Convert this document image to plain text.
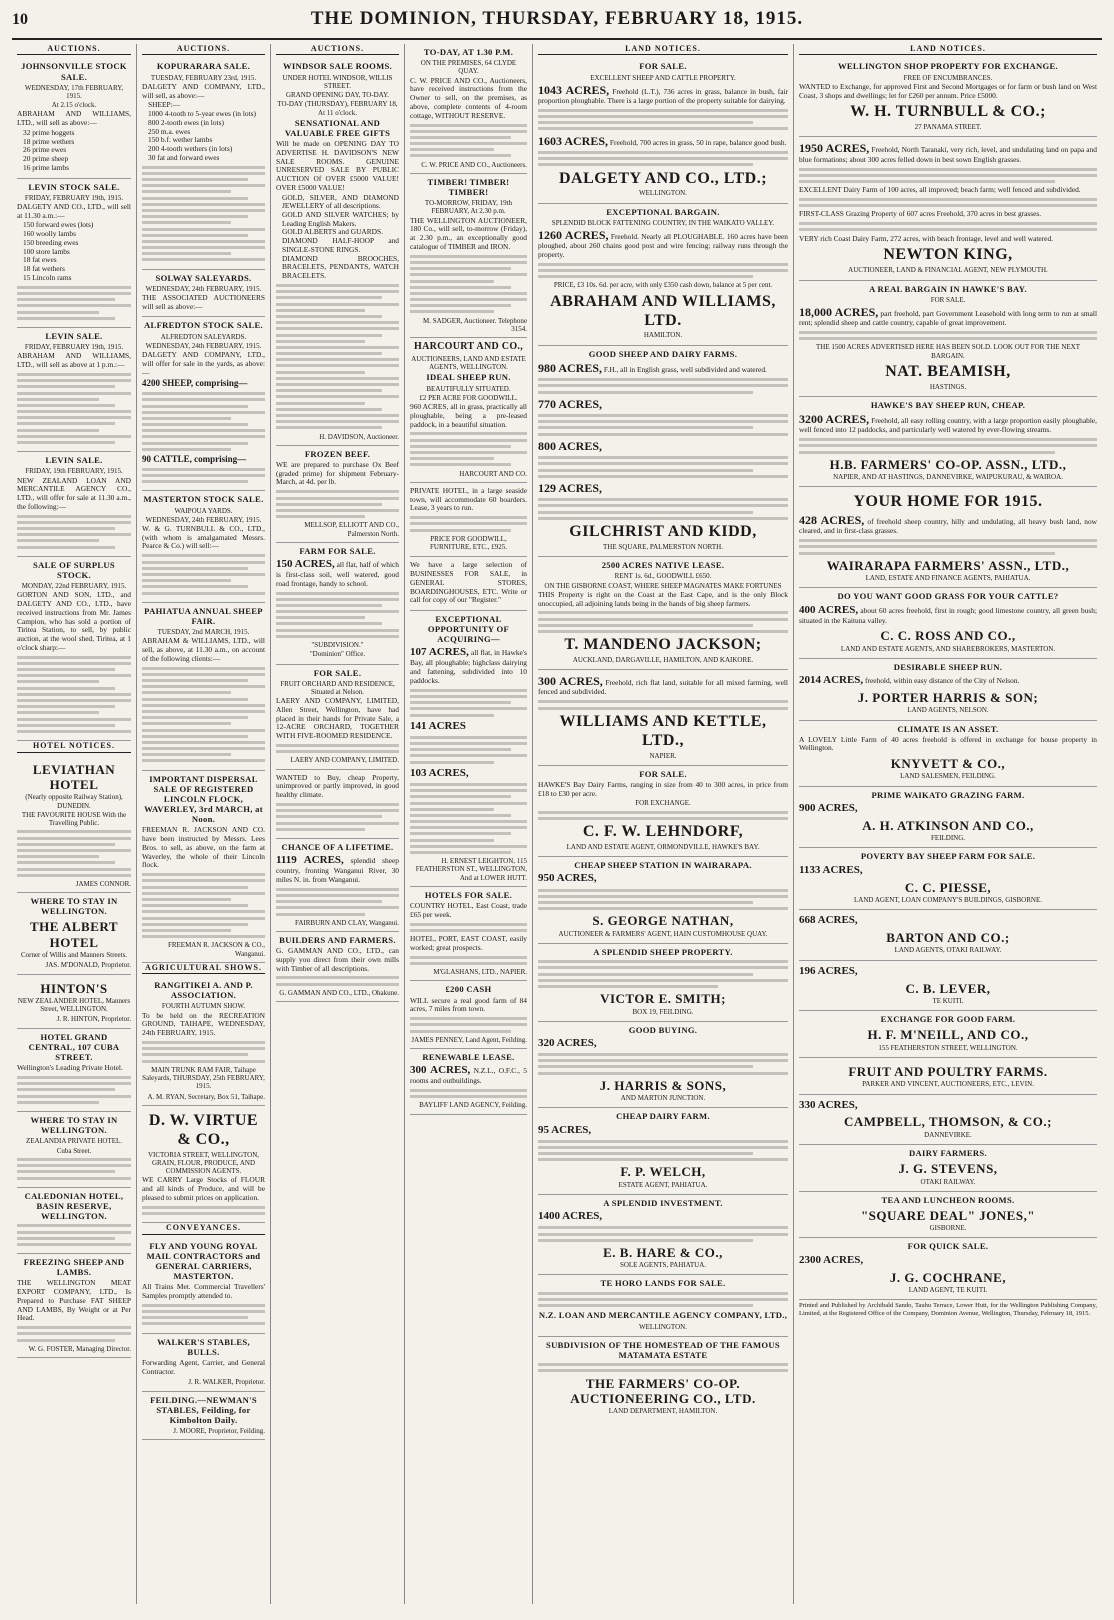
10	THE DOMINION, THURSDAY, FEBRUARY 18, 1915.
AUCTIONS.
JOHNSONVILLE STOCK SALE.
WEDNESDAY, 17th FEBRUARY, 1915.
At 2.15 o'clock.

ABRAHAM AND WILLIAMS, LTD., will sell as above:—

32 prime hoggets
18 prime wethers
26 prime ewes
20 prime sheep
16 prime lambs
LEVIN STOCK SALE.
FRIDAY, FEBRUARY 19th, 1915.

DALGETY AND CO., LTD., will sell at 11.30 a.m.:—

150 forward ewes (lots)
160 woolly lambs
150 breeding ewes
100 store lambs
18 fat ewes
18 fat wethers
15 Lincoln rams
LEVIN SALE.
FRIDAY, FEBRUARY 19th, 1915.

ABRAHAM AND WILLIAMS, LTD., will sell as above at 1 p.m.:—

LEVIN SALE.
FRIDAY, 19th FEBRUARY, 1915.

NEW ZEALAND LOAN AND MERCANTILE AGENCY CO., LTD., will offer for sale at 11.30 a.m., the following:—

SALE OF SURPLUS STOCK.
MONDAY, 22nd FEBRUARY, 1915.

GORTON AND SON, LTD., and DALGETY AND CO., LTD., have received instructions from Mr. James Campion, who has sold a portion of Tiritea Station, to sell, by public auction, at the wool shed, Tiritea, at 1 o'clock sharp:—

HOTEL NOTICES.
LEVIATHAN HOTEL
(Nearly opposite Railway Station), DUNEDIN.
THE FAVOURITE HOUSE With the Travelling Public.
JAMES CONNOR.
WHERE TO STAY IN WELLINGTON.
THE ALBERT HOTEL
Corner of Willis and Manners Streets.
JAS. M'DONALD, Proprietor.
HINTON'S
NEW ZEALANDER HOTEL, Manners Street, WELLINGTON.
J. R. HINTON, Proprietor.
HOTEL GRAND CENTRAL, 107 CUBA STREET.

Wellington's Leading Private Hotel.

WHERE TO STAY IN WELLINGTON.
ZEALANDIA PRIVATE HOTEL.
Cuba Street.
CALEDONIAN HOTEL, BASIN RESERVE, WELLINGTON.
FREEZING SHEEP AND LAMBS.

THE WELLINGTON MEAT EXPORT COMPANY, LTD., Is Prepared to Purchase FAT SHEEP AND LAMBS, By Weight or at Per Head.

W. G. FOSTER, Managing Director.
AUCTIONS.
KOPURARARA SALE.
TUESDAY, FEBRUARY 23rd, 1915.

DALGETY AND COMPANY, LTD., will sell, as above:—

SHEEP:—
1000 4-tooth to 5-year ewes (in lots)
800 2-tooth ewes (in lots)
250 m.a. ewes
150 b.f. wether lambs
200 4-tooth wethers (in lots)
30 fat and forward ewes
SOLWAY SALEYARDS.
WEDNESDAY, 24th FEBRUARY, 1915.

THE ASSOCIATED AUCTIONEERS will sell as above:—

ALFREDTON STOCK SALE.
ALFREDTON SALEYARDS.
WEDNESDAY, 24th FEBRUARY, 1915.

DALGETY AND COMPANY, LTD., will offer for sale in the yards, as above:—

4200 SHEEP, comprising—

90 CATTLE, comprising—

MASTERTON STOCK SALE.
WAIPOUA YARDS.
WEDNESDAY, 24th FEBRUARY, 1915.

W. & G. TURNBULL & CO., LTD., (with whom is amalgamated Messrs. Pearce & Co.) will sell:—

PAHIATUA ANNUAL SHEEP FAIR.
TUESDAY, 2nd MARCH, 1915.

ABRAHAM & WILLIAMS, LTD., will sell, as above, at 11.30 a.m., on account of the following clients:—

IMPORTANT DISPERSAL SALE OF REGISTERED LINCOLN FLOCK, WAVERLEY, 3rd MARCH, at Noon.

FREEMAN R. JACKSON AND CO. have been instructed by Messrs. Lees Bros. to sell, as above, on the farm at Waverley, the whole of their Lincoln flock.

FREEMAN R. JACKSON & CO., Wanganui.
AGRICULTURAL SHOWS.
RANGITIKEI A. AND P. ASSOCIATION.
FOURTH AUTUMN SHOW.

To be held on the RECREATION GROUND, TAIHAPE, WEDNESDAY, 24th FEBRUARY, 1915.

MAIN TRUNK RAM FAIR, Taihape Saleyards, THURSDAY, 25th FEBRUARY, 1915.
A. M. RYAN, Secretary, Box 51, Taihape.
D. W. VIRTUE & CO.,
VICTORIA STREET, WELLINGTON, GRAIN, FLOUR, PRODUCE, AND COMMISSION AGENTS.

WE CARRY Large Stocks of FLOUR and all kinds of Produce, and will be pleased to submit prices on application.

CONVEYANCES.
FLY AND YOUNG ROYAL MAIL CONTRACTORS and GENERAL CARRIERS, MASTERTON.

All Trains Met. Commercial Travellers' Samples promptly attended to.

WALKER'S STABLES, BULLS.

Forwarding Agent, Carrier, and General Contractor.

J. R. WALKER, Proprietor.
FEILDING.—NEWMAN'S STABLES, Feilding, for Kimbolton Daily.
J. MOORE, Proprietor, Feilding.
AUCTIONS.
WINDSOR SALE ROOMS.
UNDER HOTEL WINDSOR, WILLIS STREET.
GRAND OPENING DAY, TO-DAY.
TO-DAY (THURSDAY), FEBRUARY 18, At 11 o'clock.
SENSATIONAL AND VALUABLE FREE GIFTS

Will be made on OPENING DAY TO ADVERTISE H. DAVIDSON'S NEW SALE ROOMS. GENUINE UNRESERVED SALE BY PUBLIC AUCTION Of OVER £5000 VALUE! OVER £5000 VALUE!

GOLD, SILVER, AND DIAMOND JEWELLERY of all descriptions.
GOLD AND SILVER WATCHES; by Leading English Makers.
GOLD ALBERTS and GUARDS.
DIAMOND HALF-HOOP and SINGLE-STONE RINGS.
DIAMOND BROOCHES, BRACELETS, PENDANTS, WATCH BRACELETS.
H. DAVIDSON, Auctioneer.
FROZEN BEEF.

WE are prepared to purchase Ox Beef (graded prime) for shipment February-March, at 4d. per lb.

MELLSOP, ELLIOTT AND CO., Palmerston North.
FARM FOR SALE.

150 ACRES, all flat, half of which is first-class soil, well watered, good road frontage, handy to school.

"SUBDIVISION."
"Dominion" Office.
FOR SALE.
FRUIT ORCHARD AND RESIDENCE, Situated at Nelson.

LAERY AND COMPANY, LIMITED, Allen Street, Wellington, have had placed in their hands for Private Sale, a 12-ACRE ORCHARD, TOGETHER WITH FIVE-ROOMED RESIDENCE.

LAERY AND COMPANY, LIMITED.

WANTED to Buy, cheap Property, unimproved or partly improved, in good healthy climate.

CHANCE OF A LIFETIME.

1119 ACRES, splendid sheep country, fronting Wanganui River, 30 miles N. in. from Wanganui.

FAIRBURN AND CLAY, Wanganui.
BUILDERS AND FARMERS.

G. GAMMAN AND CO., LTD., can supply you direct from their own mills with Timber of all descriptions.

G. GAMMAN AND CO., LTD., Ohakune.
TO-DAY, AT 1.30 P.M.
ON THE PREMISES, 64 CLYDE QUAY.

C. W. PRICE AND CO., Auctioneers, have received instructions from the Owner to sell, on the premises, as above, complete contents of 4-room cottage, WITHOUT RESERVE.

C. W. PRICE AND CO., Auctioneers.
TIMBER! TIMBER! TIMBER!
TO-MORROW, FRIDAY, 19th FEBRUARY, At 2.30 p.m.

THE WELLINGTON AUCTIONEER, 180 Co., will sell, to-morrow (Friday), at 2.30 p.m., an exceptionally good catalogue of TIMBER and IRON.

M. SADGER, Auctioneer. Telephone 3154.
HARCOURT AND CO.,
AUCTIONEERS, LAND AND ESTATE AGENTS, WELLINGTON.
IDEAL SHEEP RUN.
BEAUTIFULLY SITUATED.
£2 PER ACRE FOR GOODWILL.

960 ACRES, all in grass, practically all ploughable, being a pre-leased paddock, in a beautiful situation.

HARCOURT AND CO.

PRIVATE HOTEL, in a large seaside town, will accommodate 60 boarders. Lease, 3 years to run.

PRICE FOR GOODWILL, FURNITURE, ETC., £925.

We have a large selection of BUSINESSES FOR SALE, in GENERAL STORES, BOARDINGHOUSES, ETC. Write or call for copy of our "Register."

EXCEPTIONAL OPPORTUNITY OF ACQUIRING—

107 ACRES, all flat, in Hawke's Bay, all ploughable; highclass dairying and fattening, subdivided into 10 paddocks.

141 ACRES

103 ACRES,

H. ERNEST LEIGHTON, 115 FEATHERSTON ST., WELLINGTON, And at LOWER HUTT.
HOTELS FOR SALE.

COUNTRY HOTEL, East Coast, trade £65 per week.

HOTEL, PORT, EAST COAST, easily worked; great prospects.

M'GLASHANS, LTD., NAPIER.
£200 CASH

WILL secure a real good farm of 84 acres, 7 miles from town.

JAMES PENNEY, Land Agent, Feilding.
RENEWABLE LEASE.

300 ACRES, N.Z.L., O.F.C., 5 rooms and outbuildings.

BAYLIFF LAND AGENCY, Feilding.
LAND NOTICES.
FOR SALE.
EXCELLENT SHEEP AND CATTLE PROPERTY.

1043 ACRES, Freehold (L.T.), 736 acres in grass, balance in bush, fair proportion ploughable. There is a large portion of the property suitable for dairying.

1603 ACRES, Freehold, 700 acres in grass, 50 in rape, balance good bush.

DALGETY AND CO., LTD.;
WELLINGTON.
EXCEPTIONAL BARGAIN.
SPLENDID BLOCK FATTENING COUNTRY, IN THE WAIKATO VALLEY.

1260 ACRES, Freehold. Nearly all PLOUGHABLE. 160 acres have been ploughed, about 260 chains good post and wire fencing; railway runs through the property.

PRICE, £3 10s. 6d. per acre, with only £350 cash down, balance at 5 per cent.
ABRAHAM AND WILLIAMS, LTD.
HAMILTON.
GOOD SHEEP AND DAIRY FARMS.

980 ACRES, F.H., all in English grass, well subdivided and watered.

770 ACRES,

800 ACRES,

129 ACRES,

GILCHRIST AND KIDD,
THE SQUARE, PALMERSTON NORTH.
2500 ACRES NATIVE LEASE.
RENT 1s. 6d., GOODWILL £650.
ON THE GISBORNE COAST, WHERE SHEEP MAGNATES MAKE FORTUNES

THIS Property is right on the Coast at the East Cape, and is the only Block unoccupied, all adjoining lands being in the hands of big sheep farmers.

T. MANDENO JACKSON;
AUCKLAND, DARGAVILLE, HAMILTON, AND KAIKORE.

300 ACRES, Freehold, rich flat land, suitable for all mixed farming, well fenced and subdivided.

WILLIAMS AND KETTLE, LTD.,
NAPIER.
FOR SALE.

HAWKE'S Bay Dairy Farms, ranging in size from 40 to 300 acres, in price from £18 to £30 per acre.

FOR EXCHANGE.
C. F. W. LEHNDORF,
LAND AND ESTATE AGENT, ORMONDVILLE, HAWKE'S BAY.
CHEAP SHEEP STATION IN WAIRARAPA.

950 ACRES,

S. GEORGE NATHAN,
AUCTIONEER & FARMERS' AGENT, HAIN CUSTOMHOUSE QUAY.
A SPLENDID SHEEP PROPERTY.
VICTOR E. SMITH;
BOX 19, FEILDING.
GOOD BUYING.

320 ACRES,

J. HARRIS & SONS,
AND MARTON JUNCTION.
CHEAP DAIRY FARM.

95 ACRES,

F. P. WELCH,
ESTATE AGENT, PAHIATUA.
A SPLENDID INVESTMENT.

1400 ACRES,

E. B. HARE & CO.,
SOLE AGENTS, PAHIATUA.
TE HORO LANDS FOR SALE.
N.Z. LOAN AND MERCANTILE AGENCY COMPANY, LTD.,
WELLINGTON.
SUBDIVISION OF THE HOMESTEAD OF THE FAMOUS MATAMATA ESTATE
THE FARMERS' CO-OP. AUCTIONEERING CO., LTD.
LAND DEPARTMENT, HAMILTON.
LAND NOTICES.
WELLINGTON SHOP PROPERTY FOR EXCHANGE.
FREE OF ENCUMBRANCES.

WANTED to Exchange, for approved First and Second Mortgages or for farm or bush land on West Coast, 3 shops and dwellings; let for £260 per annum. Price £5000.

W. H. TURNBULL & CO.;
27 PANAMA STREET.

1950 ACRES, Freehold, North Taranaki, very rich, level, and undulating land on papa and blue formations; about 300 acres felled down in best sown English grasses.

EXCELLENT Dairy Farm of 100 acres, all improved; beach farm; well fenced and subdivided.

FIRST-CLASS Grazing Property of 607 acres Freehold, 370 acres in best grasses.

VERY rich Coast Dairy Farm, 272 acres, with beach frontage, level and well watered.

NEWTON KING,
AUCTIONEER, LAND & FINANCIAL AGENT, NEW PLYMOUTH.
A REAL BARGAIN IN HAWKE'S BAY.
FOR SALE.

18,000 ACRES, part freehold, part Government Leasehold with long term to run at small rent; splendid sheep and cattle country, capable of great improvement.

THE 1500 ACRES ADVERTISED HERE HAS BEEN SOLD. LOOK OUT FOR THE NEXT BARGAIN.
NAT. BEAMISH,
HASTINGS.
HAWKE'S BAY SHEEP RUN, CHEAP.

3200 ACRES, Freehold, all easy rolling country, with a large proportion easily ploughable, well fenced into 12 paddocks, and particularly well watered by ever-flowing streams.

H.B. FARMERS' CO-OP. ASSN., LTD.,
NAPIER, AND AT HASTINGS, DANNEVIRKE, WAIPUKURAU, & WAIROA.
YOUR HOME FOR 1915.

428 ACRES, of freehold sheep country, hilly and undulating, all heavy bush land, now cleared, and in first-class grasses.

WAIRARAPA FARMERS' ASSN., LTD.,
LAND, ESTATE AND FINANCE AGENTS, PAHIATUA.
DO YOU WANT GOOD GRASS FOR YOUR CATTLE?

400 ACRES, about 60 acres freehold, first in rough; good limestone country, all green bush; situated in the Kaituna valley.

C. C. ROSS AND CO.,
LAND AND ESTATE AGENTS, AND SHAREBROKERS, MASTERTON.
DESIRABLE SHEEP RUN.

2014 ACRES, freehold, within easy distance of the City of Nelson.

J. PORTER HARRIS & SON;
LAND AGENTS, NELSON.
CLIMATE IS AN ASSET.

A LOVELY Little Farm of 40 acres freehold is offered in exchange for house property in Wellington.

KNYVETT & CO.,
LAND SALESMEN, FEILDING.
PRIME WAIKATO GRAZING FARM.

900 ACRES,

A. H. ATKINSON AND CO.,
FEILDING.
POVERTY BAY SHEEP FARM FOR SALE.

1133 ACRES,

C. C. PIESSE,
LAND AGENT, LOAN COMPANY'S BUILDINGS, GISBORNE.

668 ACRES,

BARTON AND CO.;
LAND AGENTS, OTAKI RAILWAY.

196 ACRES,

C. B. LEVER,
TE KUITI.
EXCHANGE FOR GOOD FARM.
H. F. M'NEILL, AND CO.,
155 FEATHERSTON STREET, WELLINGTON.
FRUIT AND POULTRY FARMS.
PARKER AND VINCENT, AUCTIONEERS, ETC., LEVIN.

330 ACRES,

CAMPBELL, THOMSON, & CO.;
DANNEVIRKE.
DAIRY FARMERS.
J. G. STEVENS,
OTAKI RAILWAY.
TEA AND LUNCHEON ROOMS.
"SQUARE DEAL" JONES,"
GISBORNE.
FOR QUICK SALE.

2300 ACRES,

J. G. COCHRANE,
LAND AGENT, TE KUITI.

Printed and Published by Archibald Sando, Tauhu Terrace, Lower Hutt, for the Wellington Publishing Company, Limited, at the Registered Office of the Company, Dominion Avenue, Wellington, Thursday, February 18, 1915.
